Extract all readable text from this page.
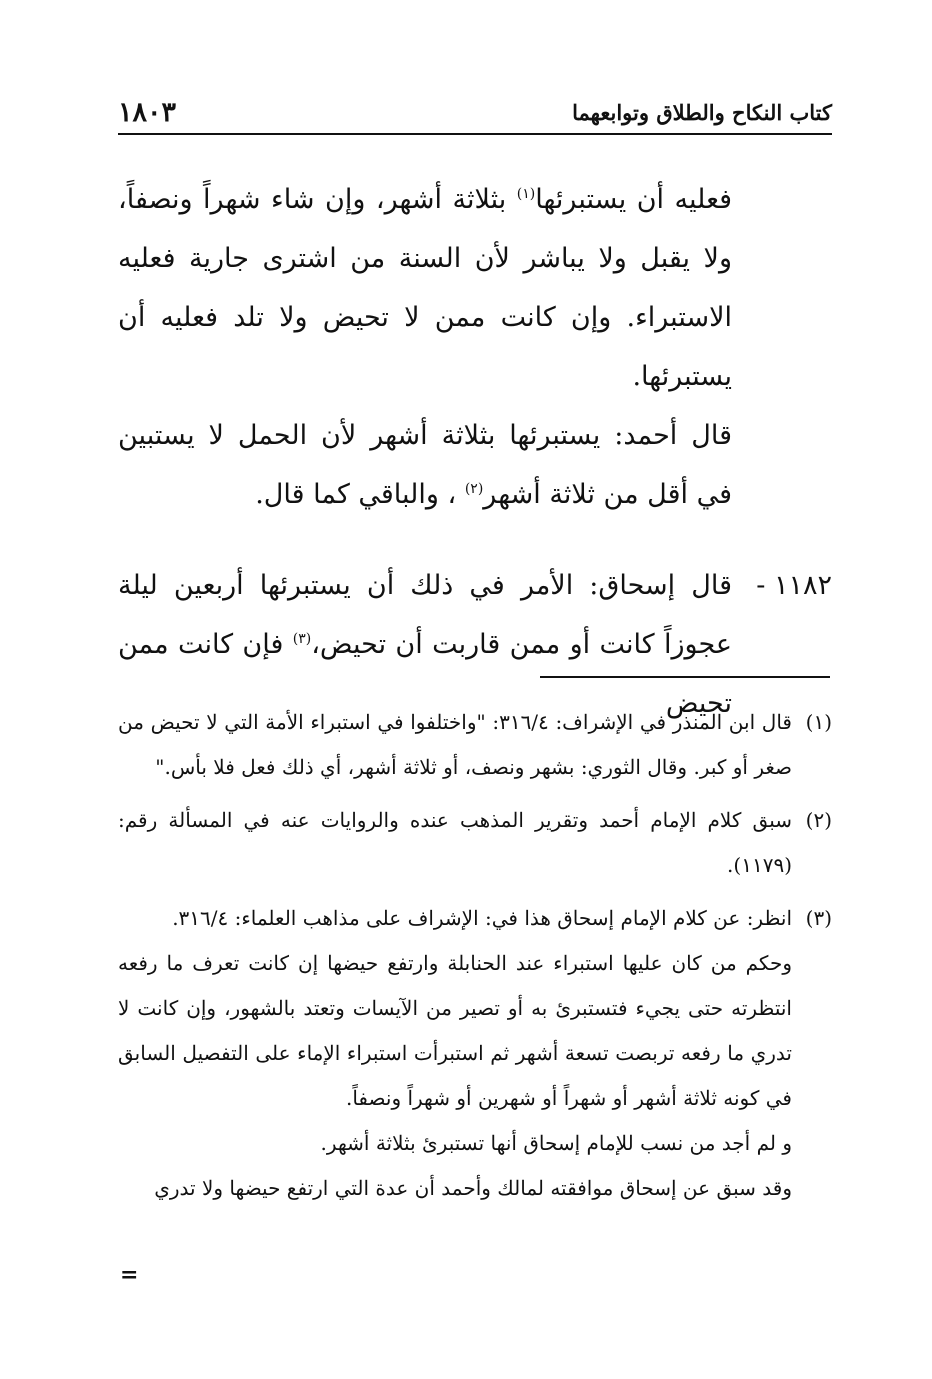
كتاب النكاح والطلاق وتوابعهما
١٨٠٣

فعليه أن يستبرئها$^{(١)}$ بثلاثة أشهر، وإن شاء شهراً ونصفاً، ولا يقبل ولا يباشر لأن السنة من اشترى جارية فعليه الاستبراء. وإن كانت ممن لا تحيض ولا تلد فعليه أن يستبرئها.

قال أحمد: يستبرئها بثلاثة أشهر لأن الحمل لا يستبين في أقل من ثلاثة أشهر$^{(٢)}$ ، والباقي كما قال.

١١٨٢ -
قال إسحاق: الأمر في ذلك أن يستبرئها أربعين ليلة عجوزاً كانت أو ممن قاربت أن تحيض،$^{(٣)}$ فإن كانت ممن تحيض
(١)
قال ابن المنذر في الإشراف: ٣١٦/٤: "واختلفوا في استبراء الأمة التي لا تحيض من صغر أو كبر. وقال الثوري: بشهر ونصف، أو ثلاثة أشهر، أي ذلك فعل فلا بأس."
(٢)
سبق كلام الإمام أحمد وتقرير المذهب عنده والروايات عنه في المسألة رقم: (١١٧٩).
(٣)
انظر: عن كلام الإمام إسحاق هذا في: الإشراف على مذاهب العلماء: ٣١٦/٤.
وحكم من كان عليها استبراء عند الحنابلة وارتفع حيضها إن كانت تعرف ما رفعه انتظرته حتى يجيء فتستبرئ به أو تصير من الآيسات وتعتد بالشهور، وإن كانت لا تدري ما رفعه تربصت تسعة أشهر ثم استبرأت استبراء الإماء على التفصيل السابق في كونه ثلاثة أشهر أو شهراً أو شهرين أو شهراً ونصفاً.
و لم أجد من نسب للإمام إسحاق أنها تستبرئ بثلاثة أشهر.
وقد سبق عن إسحاق موافقته لمالك وأحمد أن عدة التي ارتفع حيضها ولا تدري
=
